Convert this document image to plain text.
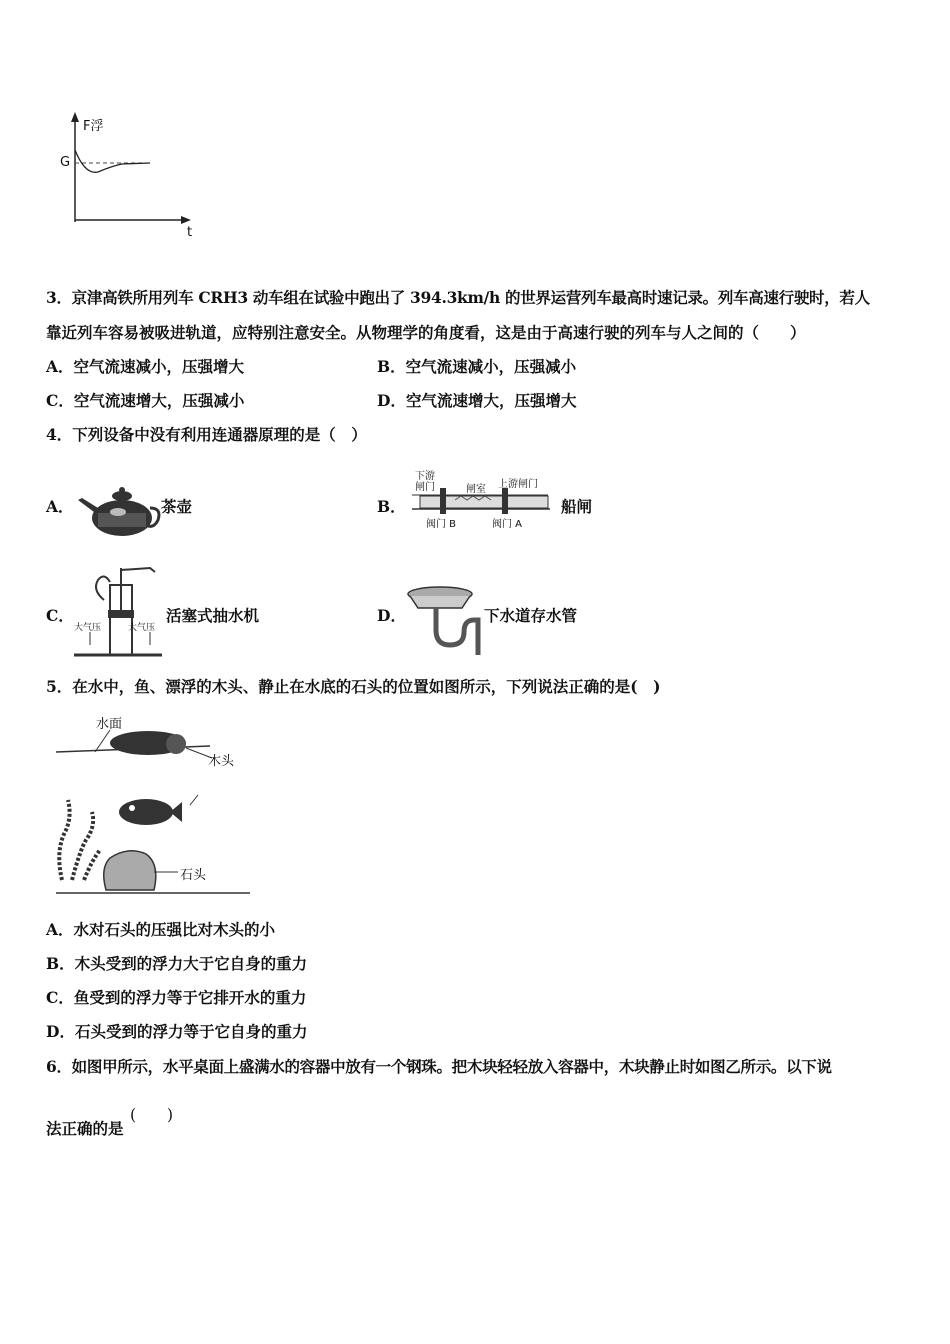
F浮
G
t
3．京津高铁所用列车 CRH3 动车组在试验中跑出了 394.3km/h 的世界运营列车最高时速记录。列车高速行驶时，若人
靠近列车容易被吸进轨道，应特别注意安全。从物理学的角度看，这是由于高速行驶的列车与人之间的（　　）
A．空气流速减小，压强增大	B．空气流速减小，压强减小
C．空气流速增大，压强减小	D．空气流速增大，压强增大
4．下列设备中没有利用连通器原理的是（　）
A．	茶壶	B．
下游
闸门	闸室 上游闸门
阀门 B	阀门 A
船闸
C．
大气压	大气压
活塞式抽水机	D．	下水道存水管
5．在水中，鱼、漂浮的木头、静止在水底的石头的位置如图所示，下列说法正确的是(　)
水面
木头
石头
A．水对石头的压强比对木头的小
B．木头受到的浮力大于它自身的重力
C．鱼受到的浮力等于它排开水的重力
D．石头受到的浮力等于它自身的重力
6．如图甲所示，水平桌面上盛满水的容器中放有一个钢珠。把木块轻轻放入容器中，木块静止时如图乙所示。以下说
法正确的是
(　　)
